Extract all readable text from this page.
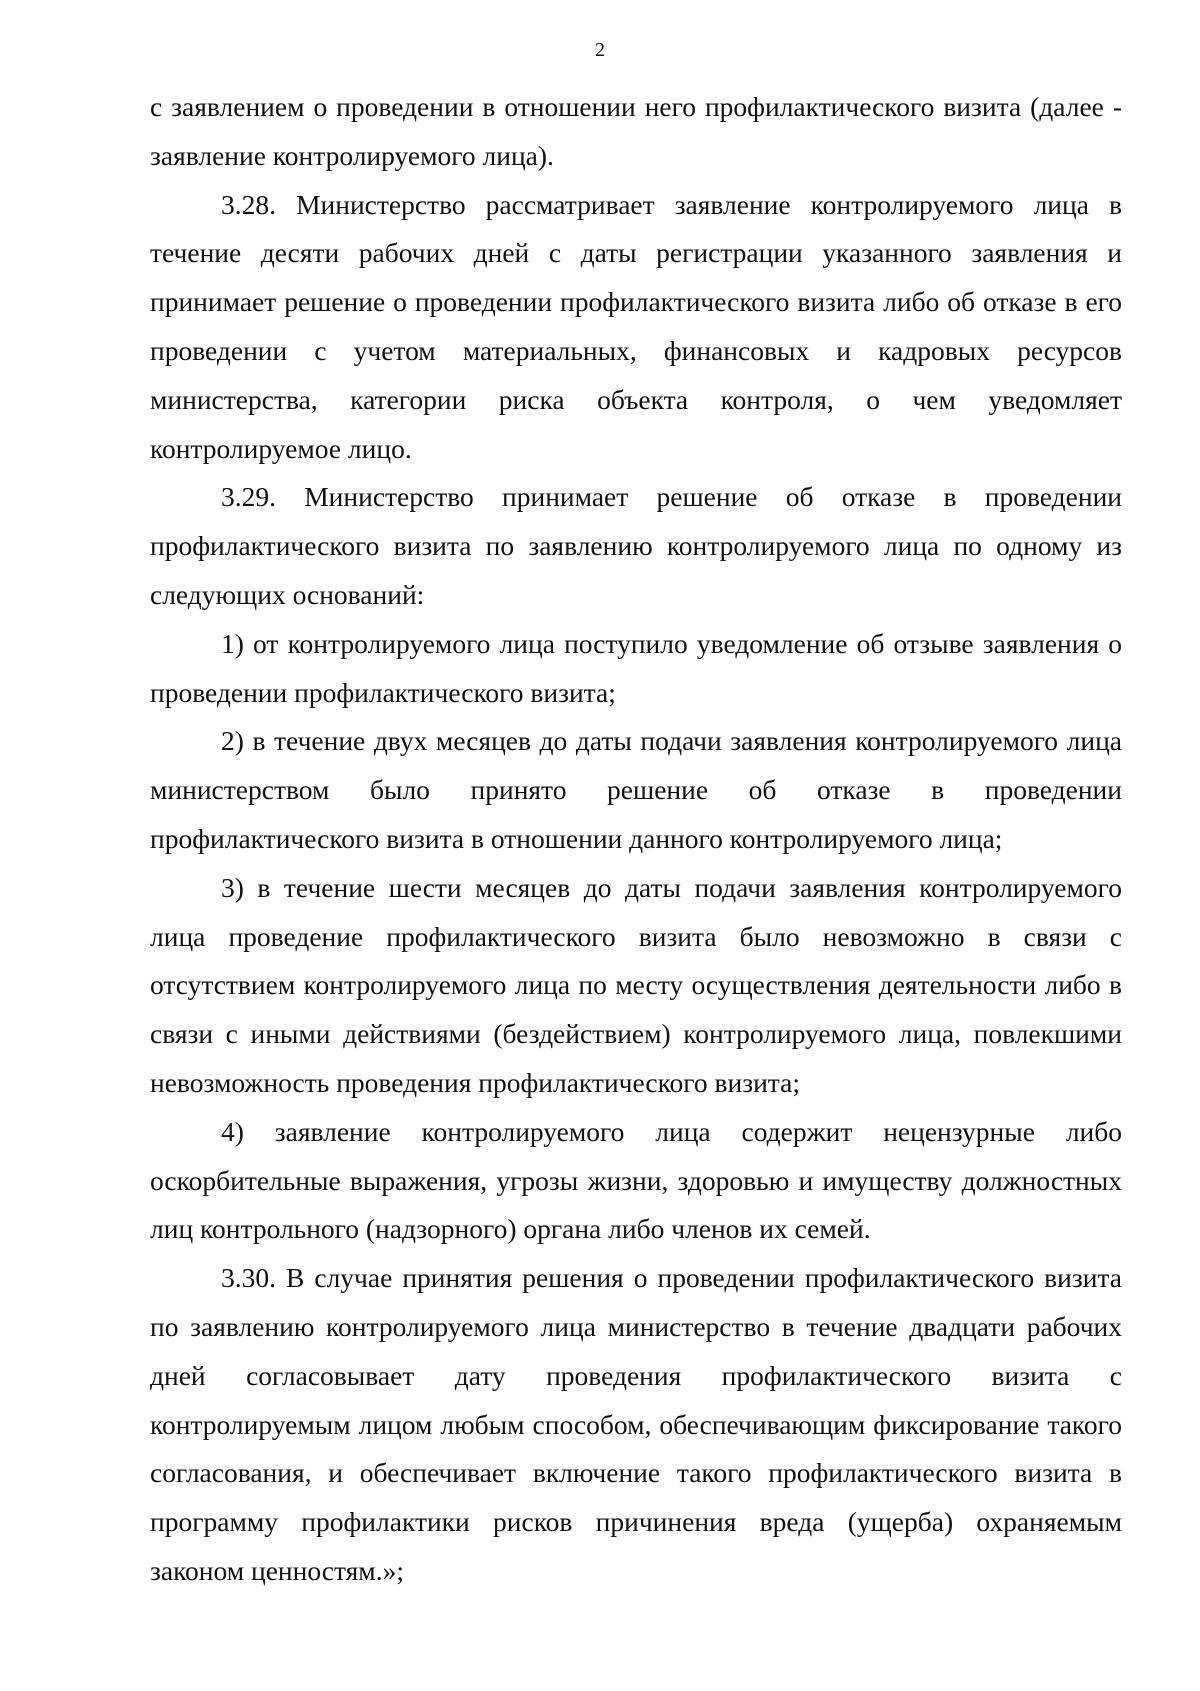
2

с заявлением о проведении в отношении него профилактического визита (далее - заявление контролируемого лица).

3.28. Министерство рассматривает заявление контролируемого лица в течение десяти рабочих дней с даты регистрации указанного заявления и принимает решение о проведении профилактического визита либо об отказе в его проведении с учетом материальных, финансовых и кадровых ресурсов министерства, категории риска объекта контроля, о чем уведомляет контролируемое лицо.

3.29. Министерство принимает решение об отказе в проведении профилактического визита по заявлению контролируемого лица по одному из следующих оснований:

1) от контролируемого лица поступило уведомление об отзыве заявления о проведении профилактического визита;

2) в течение двух месяцев до даты подачи заявления контролируемого лица министерством было принято решение об отказе в проведении профилактического визита в отношении данного контролируемого лица;

3) в течение шести месяцев до даты подачи заявления контролируемого лица проведение профилактического визита было невозможно в связи с отсутствием контролируемого лица по месту осуществления деятельности либо в связи с иными действиями (бездействием) контролируемого лица, повлекшими невозможность проведения профилактического визита;

4) заявление контролируемого лица содержит нецензурные либо оскорбительные выражения, угрозы жизни, здоровью и имуществу должностных лиц контрольного (надзорного) органа либо членов их семей.

3.30. В случае принятия решения о проведении профилактического визита по заявлению контролируемого лица министерство в течение двадцати рабочих дней согласовывает дату проведения профилактического визита с контролируемым лицом любым способом, обеспечивающим фиксирование такого согласования, и обеспечивает включение такого профилактического визита в программу профилактики рисков причинения вреда (ущерба) охраняемым законом ценностям.»;
